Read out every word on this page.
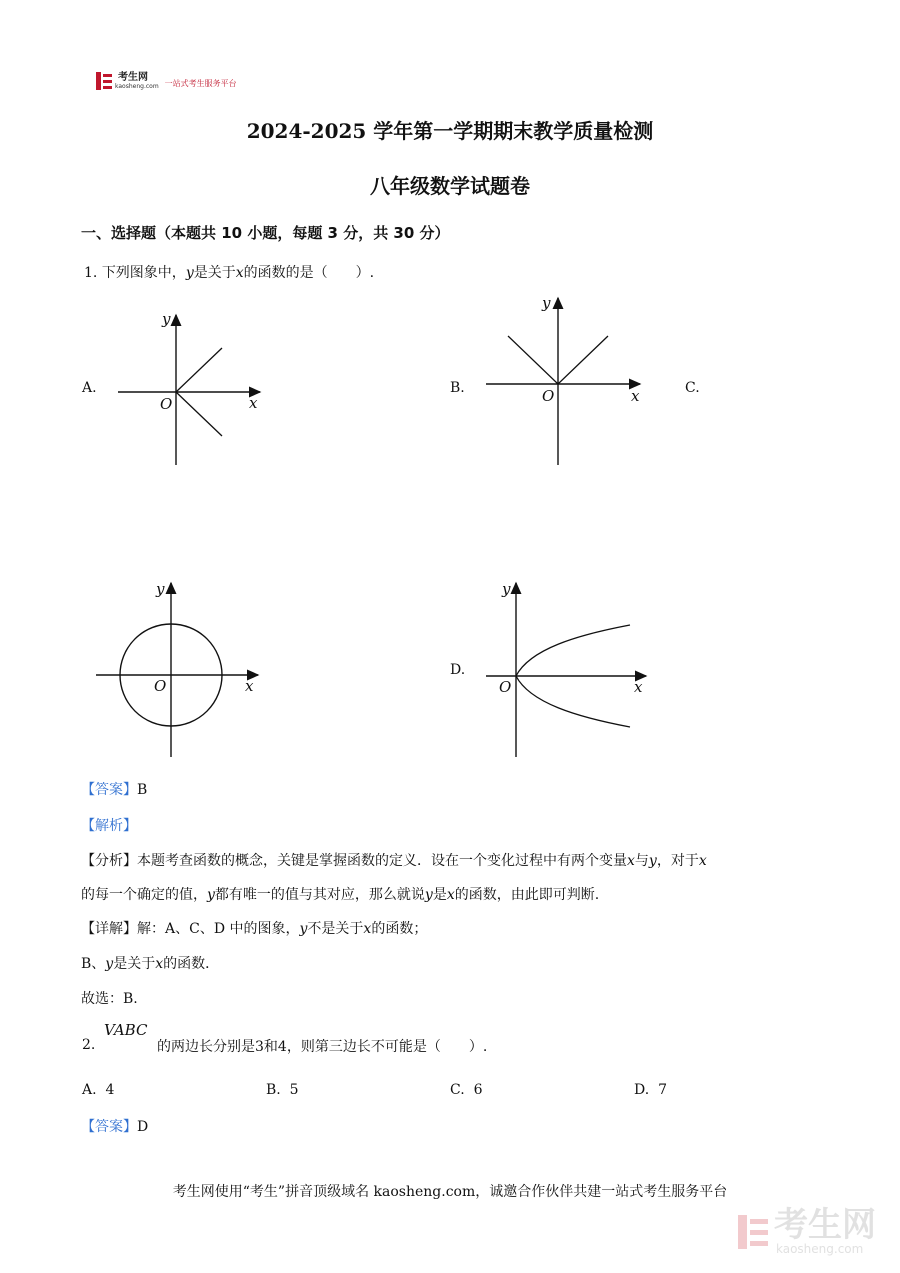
考生网
kaosheng.com 一站式考生服务平台
2024-2025 学年第一学期期末教学质量检测
八年级数学试题卷
一、选择题（本题共 10 小题，每题 3 分，共 30 分）
1. 下列图象中，y是关于x的函数的是（　　）.
A.	B.	C.
D.
y
x
O
y
x
O
y
x
O
y
x
O
【答案】B
【解析】
【分析】本题考查函数的概念，关键是掌握函数的定义．设在一个变化过程中有两个变量x与y，对于x
的每一个确定的值，y都有唯一的值与其对应，那么就说y是x的函数，由此即可判断.
【详解】解：A、C、D 中的图象，y不是关于x的函数；
B、y是关于x的函数．
故选：B.
2.
VABC
的两边长分别是3和4，则第三边长不可能是（　　）.
A. 4	B. 5	C. 6	D. 7
【答案】D
考生网使用“考生”拼音顶级域名 kaosheng.com，诚邀合作伙伴共建一站式考生服务平台
考生网
kaosheng.com
